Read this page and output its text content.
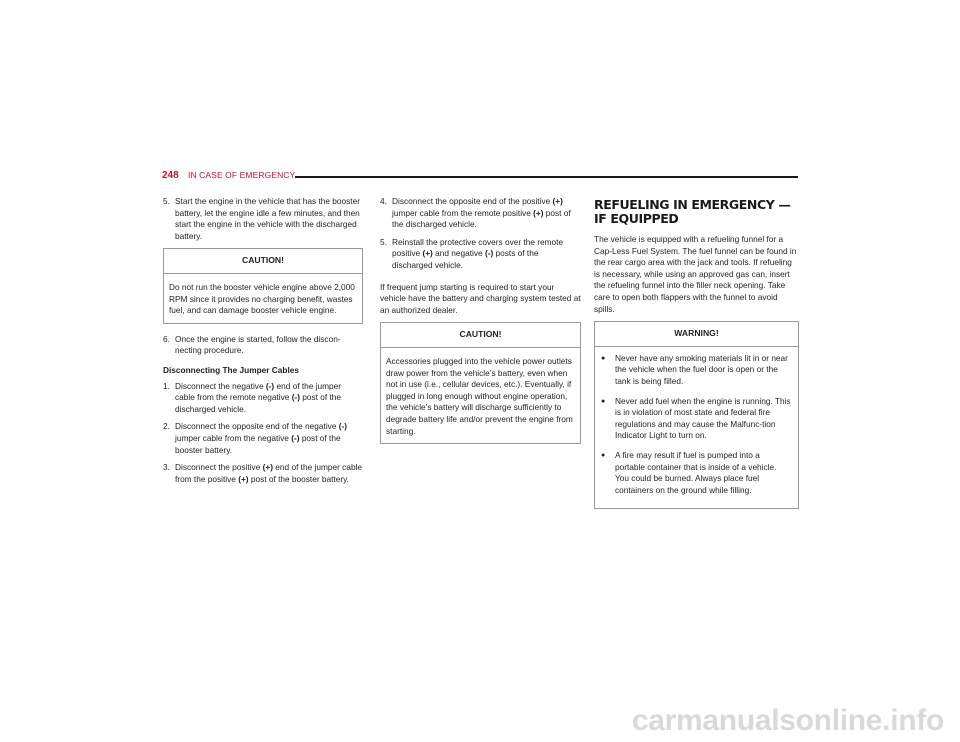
248 IN CASE OF EMERGENCY
5. Start the engine in the vehicle that has the booster battery, let the engine idle a few minutes, and then start the engine in the vehicle with the discharged battery.
CAUTION!
Do not run the booster vehicle engine above 2,000 RPM since it provides no charging benefit, wastes fuel, and can damage booster vehicle engine.
6. Once the engine is started, follow the discon-necting procedure.
Disconnecting The Jumper Cables
1. Disconnect the negative (-) end of the jumper cable from the remote negative (-) post of the discharged vehicle.
2. Disconnect the opposite end of the negative (-) jumper cable from the negative (-) post of the booster battery.
3. Disconnect the positive (+) end of the jumper cable from the positive (+) post of the booster battery.
4. Disconnect the opposite end of the positive (+) jumper cable from the remote positive (+) post of the discharged vehicle.
5. Reinstall the protective covers over the remote positive (+) and negative (-) posts of the discharged vehicle.

If frequent jump starting is required to start your vehicle have the battery and charging system tested at an authorized dealer.

CAUTION!
Accessories plugged into the vehicle power outlets draw power from the vehicle’s battery, even when not in use (i.e., cellular devices, etc.). Eventually, if plugged in long enough without engine operation, the vehicle’s battery will discharge sufficiently to degrade battery life and/or prevent the engine from starting.
REFUELING IN EMERGENCY — IF EQUIPPED

The vehicle is equipped with a refueling funnel for a Cap-Less Fuel System. The fuel funnel can be found in the rear cargo area with the jack and tools. If refueling is necessary, while using an approved gas can, insert the refueling funnel into the filler neck opening. Take care to open both flappers with the funnel to avoid spills.

WARNING!
●	Never have any smoking materials lit in or near the vehicle when the fuel door is open or the tank is being filled.
●	Never add fuel when the engine is running. This is in violation of most state and federal fire regulations and may cause the Malfunc-tion Indicator Light to turn on.
●	A fire may result if fuel is pumped into a portable container that is inside of a vehicle. You could be burned. Always place fuel containers on the ground while filling.
carmanualsonline.info
